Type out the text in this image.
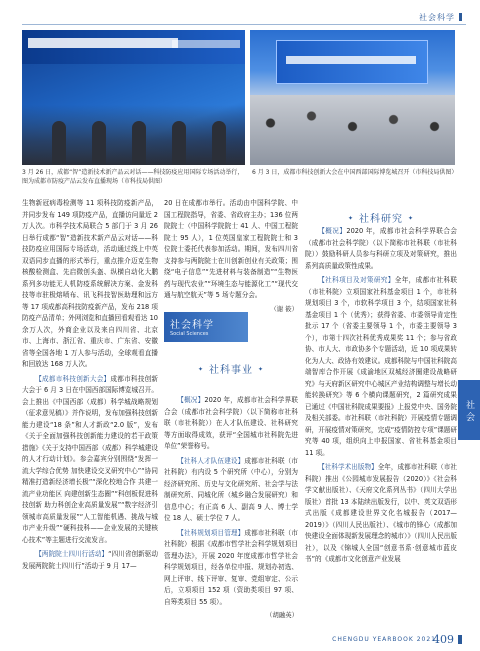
社会科学
3 月 26 日，成都“智”造新技术新产品云对话——科技防疫应用国际专场活动举行，图为成都市防疫产品云发布直播现场（市科技局供图）
6 月 3 日，成都市科技创新大会在中国西部国际博览城召开（市科技局供图）

生物新冠病毒检测等 11 项科技防疫新产品，并同步发布 149 项防疫产品，直播访问量近 2 万人次。市科学技术局联合 5 部门于 3 月 26 日举行成都“智”造新技术新产品云对话——科技防疫应用国际专场活动，活动通过线上中英双语同步直播的形式举行，重点推介迈克生物核酸检测盒、先启微创头盔、纵横自动化大鹏系列多功能无人机防疫系统解决方案、金发科技等市驻极熔喷布、讯飞科技智医助理和远方等 17 项成都高科技防疫新产品，发布 218 项防疫产品清单；外网浏览和直播回看观看达 10 余万人次，外商企业以及来自四川省、北京市、上海市、浙江省、重庆市、广东省、安徽省等全国各地 1 万人参与活动，全球观看直播和回放达 168 万人次。

【成都市科技创新大会】成都市科技创新大会于 6 月 3 日在中国西部国际博览城召开。会上推出《中国西部（成都）科学城战略规划（征求意见稿）》并作说明，发布加强科技创新能力建设“18 条”和人才新政“2.0 版”，发布《关于全面加强科技创新能力建设的若干政策措施》《关于支持中国西部（成都）科学城建设的人才行动计划》。参会嘉宾分别围绕“发挥一流大学综合优势 加快建设交叉研究中心”“协同精准打造新经济增长极”“深化校地合作 共建一流产业功能区 向建创新生态圈”“科创板促进科技创新 助力科创企业高质量发展”“数字经济引领城市高质量发展”“人工智能机遇、挑战与城市产业升级”“硬科技科——企业发展的关键核心技术”等主题进行交流发言。

【两院院士四川行活动】“四川省创新驱动发展两院院士四川行”活动于 9 月 17—

20 日在成都市举行。活动由中国科学院、中国工程院指导，省委、省政府主办；136 位两院院士（中国科学院院士 41 人、中国工程院院士 95 人），1 位英国皇家工程院院士和 3 位院士委托代表参加活动。期间，发布四川省支持参与两院院士在川创新创业有关政策；围绕“电子信息”“先进材料与装备制造”“生物医药与现代农业”“环境生态与能源化工”“现代交通与航空航天”等 5 场专题分会。

（谢 筱）

【概况】2020 年，成都市社会科学界联合会（成都市社会科学院）（以下简称市社科联（市社科院））在人才队伍建设、社科研究等方面取得成效，获评“全国城市社科院先进单位”荣誉称号。

【社科人才队伍建设】成都市社科联（市社科院）有内设 5 个研究所（中心），分别为经济研究所、历史与文化研究所、社会学与法制研究所、同城化所（城乡融合发展研究）和信息中心；有正高 6 人、副高 9 人、博士学位 18 人、硕士学位 7 人。

【社科规划项目管理】成都市社科联（市社科院）根据《成都市哲学社会科学规划项目管理办法》，开展 2020 年度成都市哲学社会科学规划项目，经各单位申报、规划办初选、网上评审、线下评审、复审、党组审定、公示后，立项项目 152 项（资助类项目 97 项、自筹类项目 55 项）。

（胡融英）
社会科学
Social Sciences
✦ 社科事业 ✦
✦ 社科研究 ✦

【概况】2020 年，成都市社会科学界联合会（成都市社会科学院）（以下简称市社科联（市社科院））鼓励科研人员参与科研立项及对策研究，推出系列高质量政策性成果。

【社科项目及对策研究】全年，成都市社科联（市社科院）立项国家社科基金项目 1 个，市社科规划项目 3 个，市软科学项目 3 个，结项国家社科基金项目 1 个（优秀）；获得省委、市委领导肯定性批示 17 个（省委主要领导 1 个，市委主要领导 3 个），市第十四次社科优秀成果奖 11 个；参与省政协、市人大、市政协多个专题活动，近 10 项成果转化为人大、政协有效建议。成都科院与中国社科院高端智库合作开展《成渝地区双城经济圈建设战略研究》与天府新区研究中心城区产业结构调整与增长动能转换研究》等 6 个横向课题研究，2 篇研究成果已通过《中国社科院成果要报》上报党中央、国务院及相关部委。市社科联（市社科院）开展疫情专题调研，开展疫情对策研究，完成“疫情防控专项”课题研究等 40 项，组织向上申报国家、省社科基金项目 11 项。

【社科学术出版物】全年，成都市社科联（市社科院）推出《公园城市发展报告（2020）》《社会科学文献出版社）、《天府文化系列丛书》（四川大学出版社）首批 13 本陆续出版发行，以中、英文双语形式出版《成都建设世界文化名城报告（2017—2019）》（四川人民出版社）、《城市的锋心（成都加快建设全面体现新发展理念的城市）》（四川人民出版社），以及《锦城人全国“创意书系·创意城市蓝皮书”的《成都市文化创意产业发展

社 会
CHENGDU YEARBOOK 2021
409
